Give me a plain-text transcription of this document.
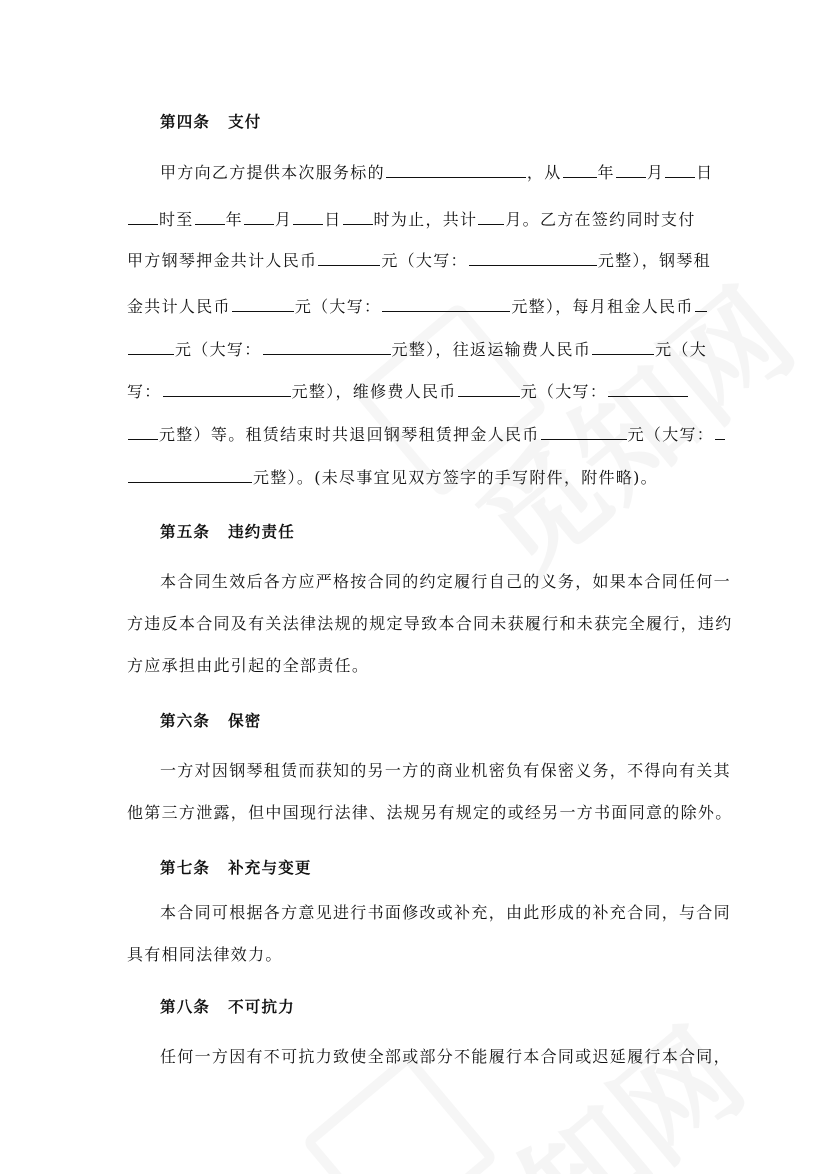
第四条 支付
甲方向乙方提供本次服务标的	，从 年 月 日
时至 年 月 日 时为止，共计 月。乙方在签约同时支付
甲方钢琴押金共计人民币	元（大写：	元整），钢琴租
金共计人民币	元（大写：	元整），每月租金人民币
元（大写：	元整），往返运输费人民币	元（大
写：	元整），维修费人民币	元（大写：
元整）等。租赁结束时共退回钢琴租赁押金人民币	元（大写：
元整）。(未尽事宜见双方签字的手写附件，附件略)。
第五条 违约责任
本合同生效后各方应严格按合同的约定履行自己的义务，如果本合同任何一
方违反本合同及有关法律法规的规定导致本合同未获履行和未获完全履行，违约
方应承担由此引起的全部责任。
第六条 保密
一方对因钢琴租赁而获知的另一方的商业机密负有保密义务，不得向有关其
他第三方泄露，但中国现行法律、法规另有规定的或经另一方书面同意的除外。
第七条 补充与变更
本合同可根据各方意见进行书面修改或补充，由此形成的补充合同，与合同
具有相同法律效力。
第八条 不可抗力
任何一方因有不可抗力致使全部或部分不能履行本合同或迟延履行本合同，
